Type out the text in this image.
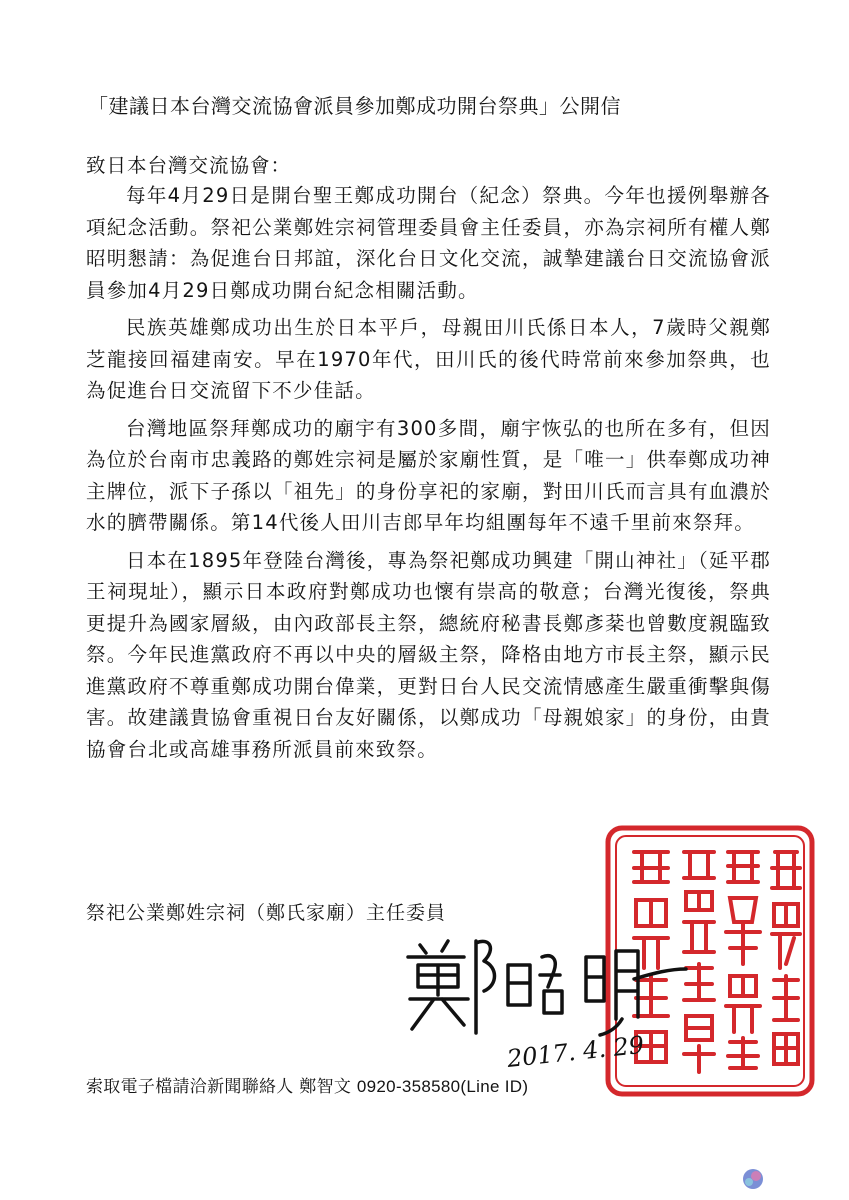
「建議日本台灣交流協會派員參加鄭成功開台祭典」公開信
致日本台灣交流協會：

每年4月29日是開台聖王鄭成功開台（紀念）祭典。今年也援例舉辦各項紀念活動。祭祀公業鄭姓宗祠管理委員會主任委員，亦為宗祠所有權人鄭昭明懇請：為促進台日邦誼，深化台日文化交流，誠摯建議台日交流協會派員參加4月29日鄭成功開台紀念相關活動。

民族英雄鄭成功出生於日本平戶，母親田川氏係日本人，7歲時父親鄭芝龍接回福建南安。早在1970年代，田川氏的後代時常前來參加祭典，也為促進台日交流留下不少佳話。

台灣地區祭拜鄭成功的廟宇有300多間，廟宇恢弘的也所在多有，但因為位於台南市忠義路的鄭姓宗祠是屬於家廟性質，是「唯一」供奉鄭成功神主牌位，派下子孫以「祖先」的身份享祀的家廟，對田川氏而言具有血濃於水的臍帶關係。第14代後人田川吉郎早年均組團每年不遠千里前來祭拜。

日本在1895年登陸台灣後，專為祭祀鄭成功興建「開山神社」（延平郡王祠現址），顯示日本政府對鄭成功也懷有崇高的敬意；台灣光復後，祭典更提升為國家層級，由內政部長主祭，總統府秘書長鄭彥棻也曾數度親臨致祭。今年民進黨政府不再以中央的層級主祭，降格由地方市長主祭，顯示民進黨政府不尊重鄭成功開台偉業，更對日台人民交流情感產生嚴重衝擊與傷害。故建議貴協會重視日台友好關係，以鄭成功「母親娘家」的身份，由貴協會台北或高雄事務所派員前來致祭。

祭祀公業鄭姓宗祠（鄭氏家廟）主任委員
2017. 4. 29
索取電子檔請洽新聞聯絡人 鄭智文 0920-358580(Line ID)
